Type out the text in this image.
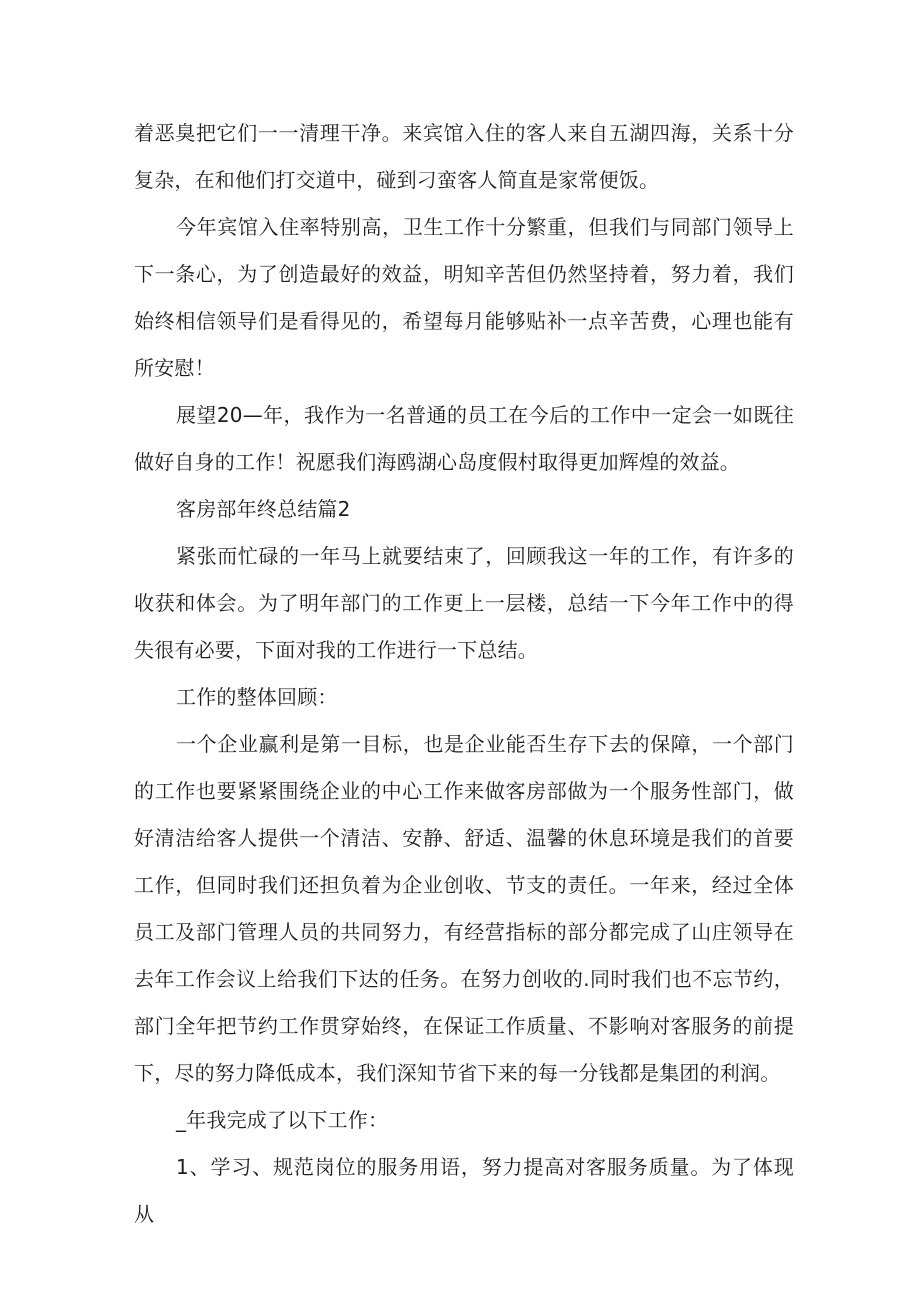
着恶臭把它们一一清理干净。来宾馆入住的客人来自五湖四海，关系十分复杂，在和他们打交道中，碰到刁蛮客人简直是家常便饭。

今年宾馆入住率特别高，卫生工作十分繁重，但我们与同部门领导上下一条心，为了创造最好的效益，明知辛苦但仍然坚持着，努力着，我们始终相信领导们是看得见的，希望每月能够贴补一点辛苦费，心理也能有所安慰！

展望20—年，我作为一名普通的员工在今后的工作中一定会一如既往做好自身的工作！祝愿我们海鸥湖心岛度假村取得更加辉煌的效益。

客房部年终总结篇2

紧张而忙碌的一年马上就要结束了，回顾我这一年的工作，有许多的收获和体会。为了明年部门的工作更上一层楼，总结一下今年工作中的得失很有必要，下面对我的工作进行一下总结。

工作的整体回顾：

一个企业赢利是第一目标，也是企业能否生存下去的保障，一个部门的工作也要紧紧围绕企业的中心工作来做客房部做为一个服务性部门，做好清洁给客人提供一个清洁、安静、舒适、温馨的休息环境是我们的首要工作，但同时我们还担负着为企业创收、节支的责任。一年来，经过全体员工及部门管理人员的共同努力，有经营指标的部分都完成了山庄领导在去年工作会议上给我们下达的任务。在努力创收的.同时我们也不忘节约，部门全年把节约工作贯穿始终，在保证工作质量、不影响对客服务的前提下，尽的努力降低成本，我们深知节省下来的每一分钱都是集团的利润。

_年我完成了以下工作：

1、学习、规范岗位的服务用语，努力提高对客服务质量。为了体现从
